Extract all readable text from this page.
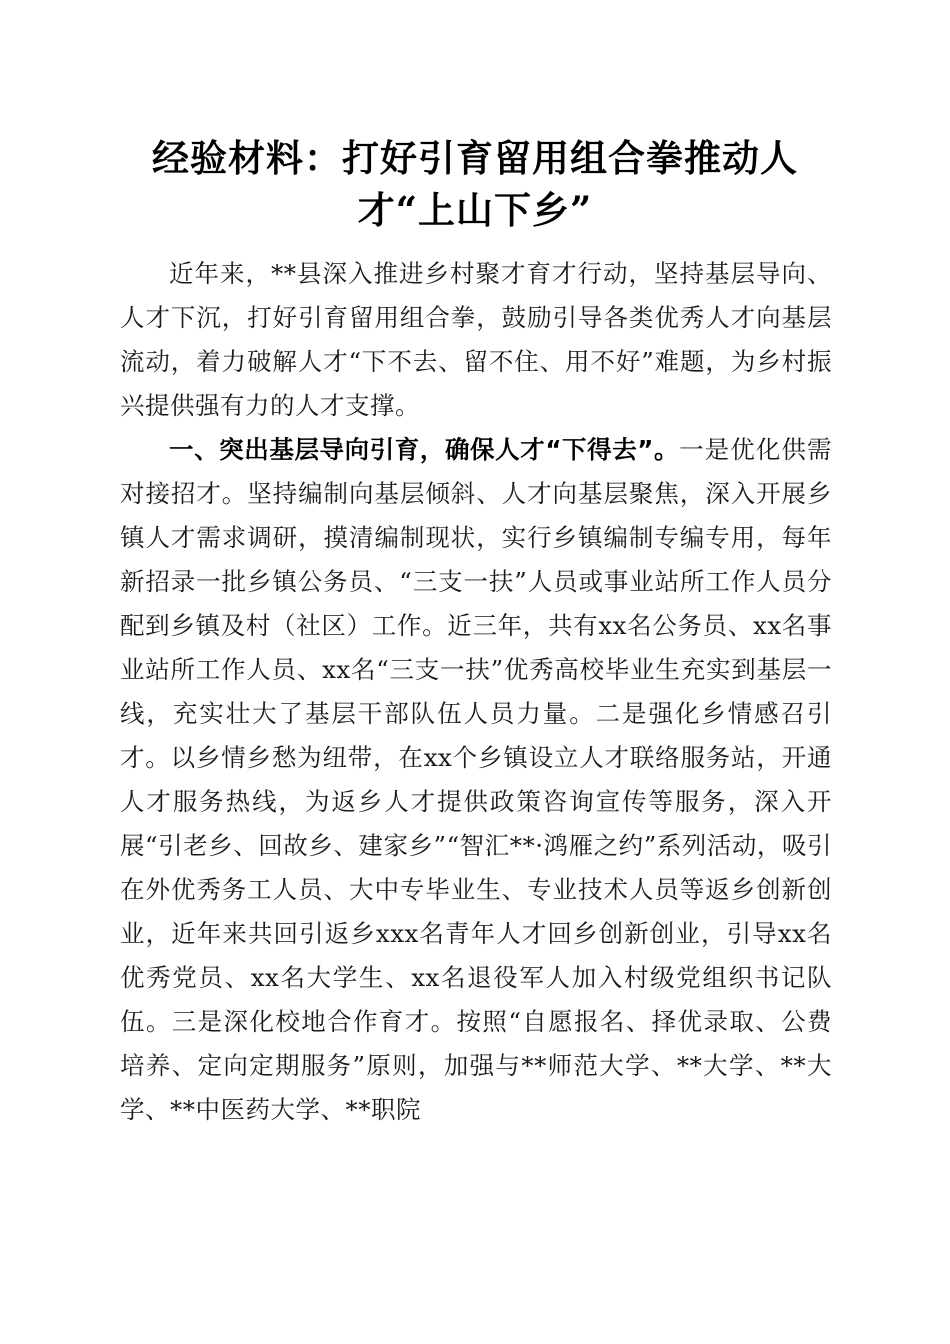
经验材料：打好引育留用组合拳推动人才“上山下乡”

近年来，**县深入推进乡村聚才育才行动，坚持基层导向、人才下沉，打好引育留用组合拳，鼓励引导各类优秀人才向基层流动，着力破解人才“下不去、留不住、用不好”难题，为乡村振兴提供强有力的人才支撑。

一、突出基层导向引育，确保人才“下得去”。一是优化供需对接招才。坚持编制向基层倾斜、人才向基层聚焦，深入开展乡镇人才需求调研，摸清编制现状，实行乡镇编制专编专用，每年新招录一批乡镇公务员、“三支一扶”人员或事业站所工作人员分配到乡镇及村（社区）工作。近三年，共有xx名公务员、xx名事业站所工作人员、xx名“三支一扶”优秀高校毕业生充实到基层一线，充实壮大了基层干部队伍人员力量。二是强化乡情感召引才。以乡情乡愁为纽带，在xx个乡镇设立人才联络服务站，开通人才服务热线，为返乡人才提供政策咨询宣传等服务，深入开展“引老乡、回故乡、建家乡”“智汇**·鸿雁之约”系列活动，吸引在外优秀务工人员、大中专毕业生、专业技术人员等返乡创新创业，近年来共回引返乡xxx名青年人才回乡创新创业，引导xx名优秀党员、xx名大学生、xx名退役军人加入村级党组织书记队伍。三是深化校地合作育才。按照“自愿报名、择优录取、公费培养、定向定期服务”原则，加强与**师范大学、**大学、**大学、**中医药大学、**职院
